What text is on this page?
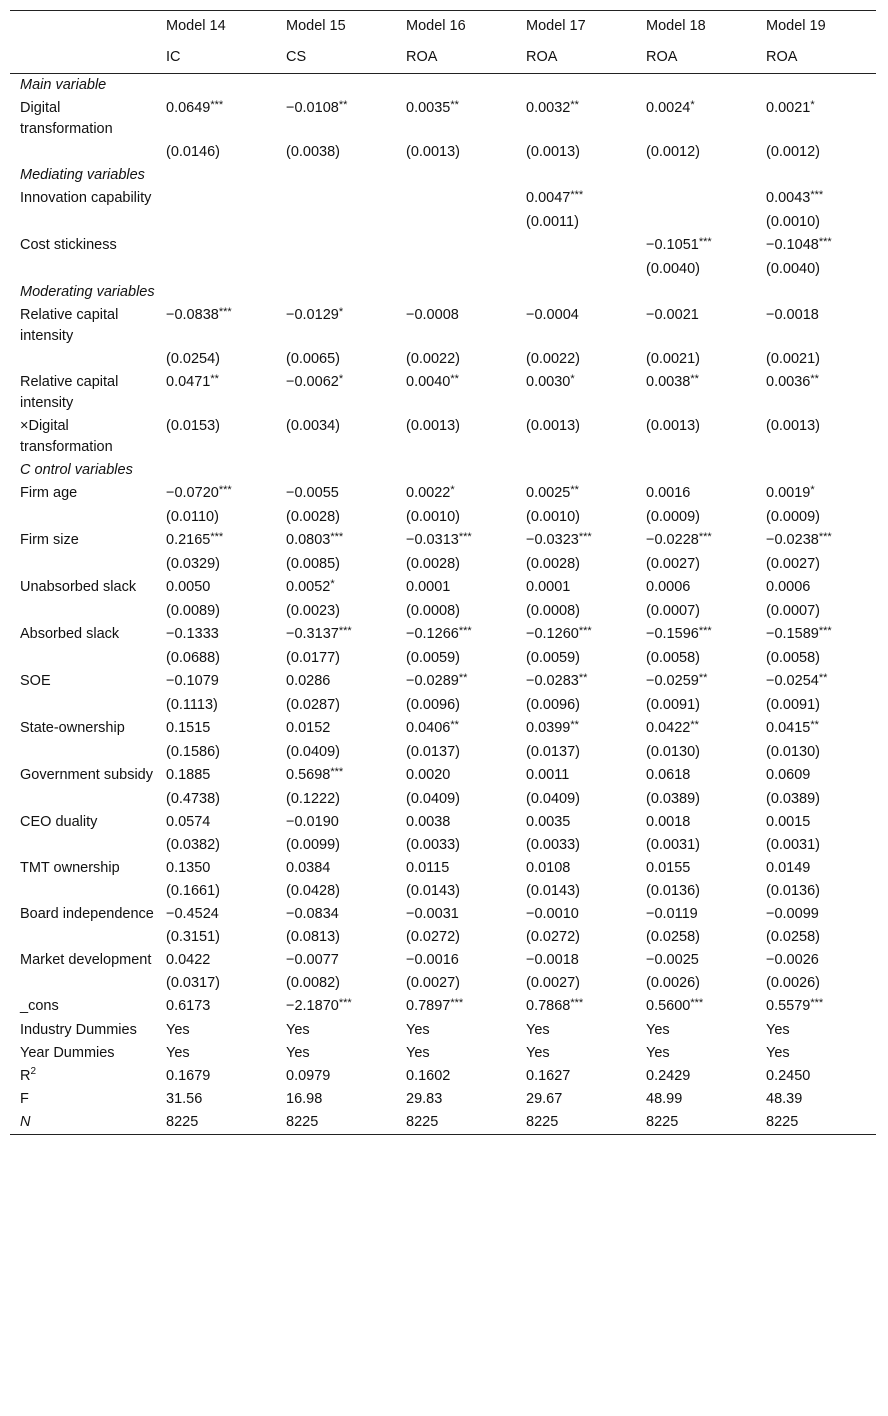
	Model 14	Model 15	Model 16	Model 17	Model 18	Model 19
	IC	CS	ROA	ROA	ROA	ROA
Main variable						
Digital transformation	0.0649***	−0.0108**	0.0035**	0.0032**	0.0024*	0.0021*
	(0.0146)	(0.0038)	(0.0013)	(0.0013)	(0.0012)	(0.0012)
Mediating variables						
Innovation capability				0.0047***		0.0043***
				(0.0011)		(0.0010)
Cost stickiness					−0.1051***	−0.1048***
					(0.0040)	(0.0040)
Moderating variables						
Relative capital intensity	−0.0838***	−0.0129*	−0.0008	−0.0004	−0.0021	−0.0018
	(0.0254)	(0.0065)	(0.0022)	(0.0022)	(0.0021)	(0.0021)
Relative capital intensity	0.0471**	−0.0062*	0.0040**	0.0030*	0.0038**	0.0036**
×Digital transformation	(0.0153)	(0.0034)	(0.0013)	(0.0013)	(0.0013)	(0.0013)
C ontrol variables						
Firm age	−0.0720***	−0.0055	0.0022*	0.0025**	0.0016	0.0019*
	(0.0110)	(0.0028)	(0.0010)	(0.0010)	(0.0009)	(0.0009)
Firm size	0.2165***	0.0803***	−0.0313***	−0.0323***	−0.0228***	−0.0238***
	(0.0329)	(0.0085)	(0.0028)	(0.0028)	(0.0027)	(0.0027)
Unabsorbed slack	0.0050	0.0052*	0.0001	0.0001	0.0006	0.0006
	(0.0089)	(0.0023)	(0.0008)	(0.0008)	(0.0007)	(0.0007)
Absorbed slack	−0.1333	−0.3137***	−0.1266***	−0.1260***	−0.1596***	−0.1589***
	(0.0688)	(0.0177)	(0.0059)	(0.0059)	(0.0058)	(0.0058)
SOE	−0.1079	0.0286	−0.0289**	−0.0283**	−0.0259**	−0.0254**
	(0.1113)	(0.0287)	(0.0096)	(0.0096)	(0.0091)	(0.0091)
State-ownership	0.1515	0.0152	0.0406**	0.0399**	0.0422**	0.0415**
	(0.1586)	(0.0409)	(0.0137)	(0.0137)	(0.0130)	(0.0130)
Government subsidy	0.1885	0.5698***	0.0020	0.0011	0.0618	0.0609
	(0.4738)	(0.1222)	(0.0409)	(0.0409)	(0.0389)	(0.0389)
CEO duality	0.0574	−0.0190	0.0038	0.0035	0.0018	0.0015
	(0.0382)	(0.0099)	(0.0033)	(0.0033)	(0.0031)	(0.0031)
TMT ownership	0.1350	0.0384	0.0115	0.0108	0.0155	0.0149
	(0.1661)	(0.0428)	(0.0143)	(0.0143)	(0.0136)	(0.0136)
Board independence	−0.4524	−0.0834	−0.0031	−0.0010	−0.0119	−0.0099
	(0.3151)	(0.0813)	(0.0272)	(0.0272)	(0.0258)	(0.0258)
Market development	0.0422	−0.0077	−0.0016	−0.0018	−0.0025	−0.0026
	(0.0317)	(0.0082)	(0.0027)	(0.0027)	(0.0026)	(0.0026)
_cons	0.6173	−2.1870***	0.7897***	0.7868***	0.5600***	0.5579***
Industry Dummies	Yes	Yes	Yes	Yes	Yes	Yes
Year Dummies	Yes	Yes	Yes	Yes	Yes	Yes
$R^2$	0.1679	0.0979	0.1602	0.1627	0.2429	0.2450
F	31.56	16.98	29.83	29.67	48.99	48.39
N	8225	8225	8225	8225	8225	8225
